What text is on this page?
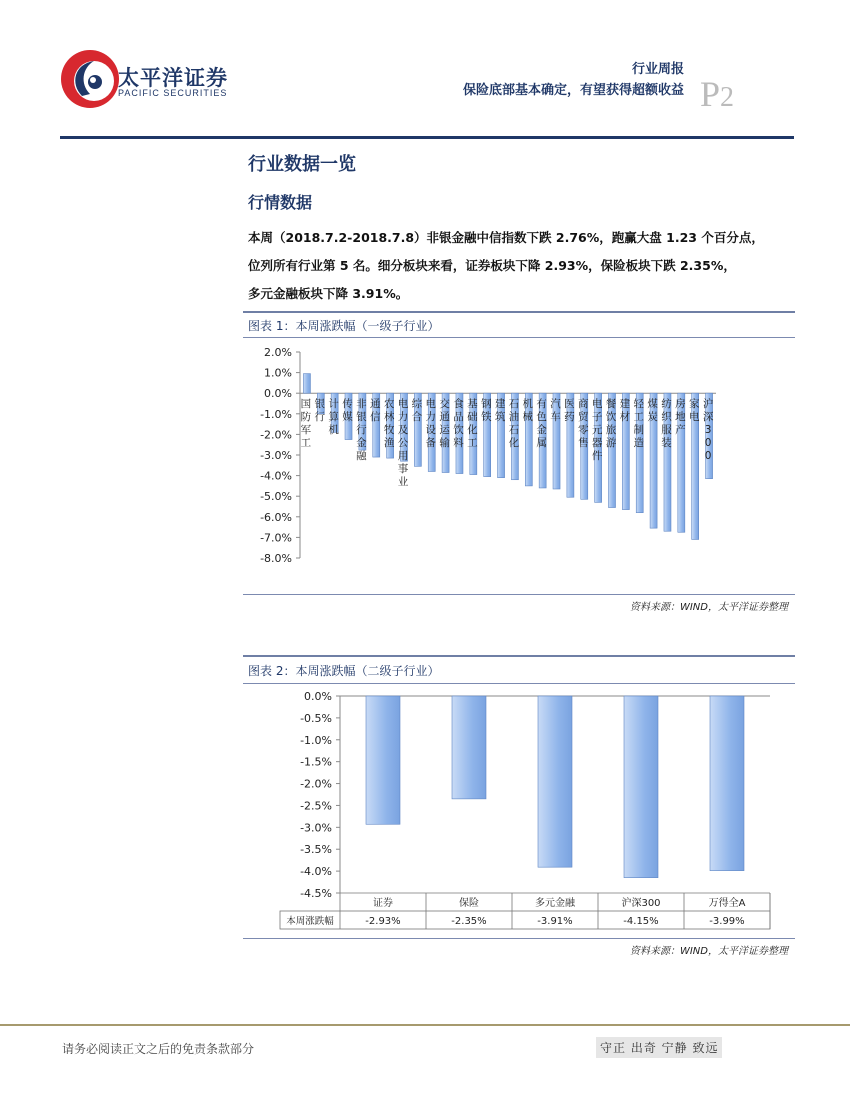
太平洋证券
PACIFIC SECURITIES
行业周报
保险底部基本确定，有望获得超额收益 P2
行业数据一览
行情数据

本周（2018.7.2-2018.7.8）非银金融中信指数下跌 2.76%，跑赢大盘 1.23 个百分点，

位列所有行业第 5 名。细分板块来看，证券板块下降 2.93%，保险板块下跌 2.35%，

多元金融板块下降 3.91%。

图表 1：本周涨跌幅（一级子行业）
2.0%
1.0%
0.0%
-1.0%
-2.0%
-3.0%
-4.0%
-5.0%
-6.0%
-7.0%
-8.0%
国防军工
银行
计算机
传媒
非银行金融
通信
农林牧渔
电力及公用事业
综合
电力设备
交通运输
食品饮料
基础化工
钢铁
建筑
石油石化
机械
有色金属
汽车
医药
商贸零售
电子元器件
餐饮旅游
建材
轻工制造
煤炭
纺织服装
房地产
家电
沪深 3 0 0
资料来源：WIND，太平洋证券整理
图表 2：本周涨跌幅（二级子行业）
0.0%
-0.5%
-1.0%
-1.5%
-2.0%
-2.5%
-3.0%
-3.5%
-4.0%
-4.5%
证券
-2.93%
保险
-2.35%
多元金融
-3.91%
沪深300
-4.15%
万得全A
-3.99%
本周涨跌幅
资料来源：WIND，太平洋证券整理
请务必阅读正文之后的免责条款部分	守正 出奇 宁静 致远
